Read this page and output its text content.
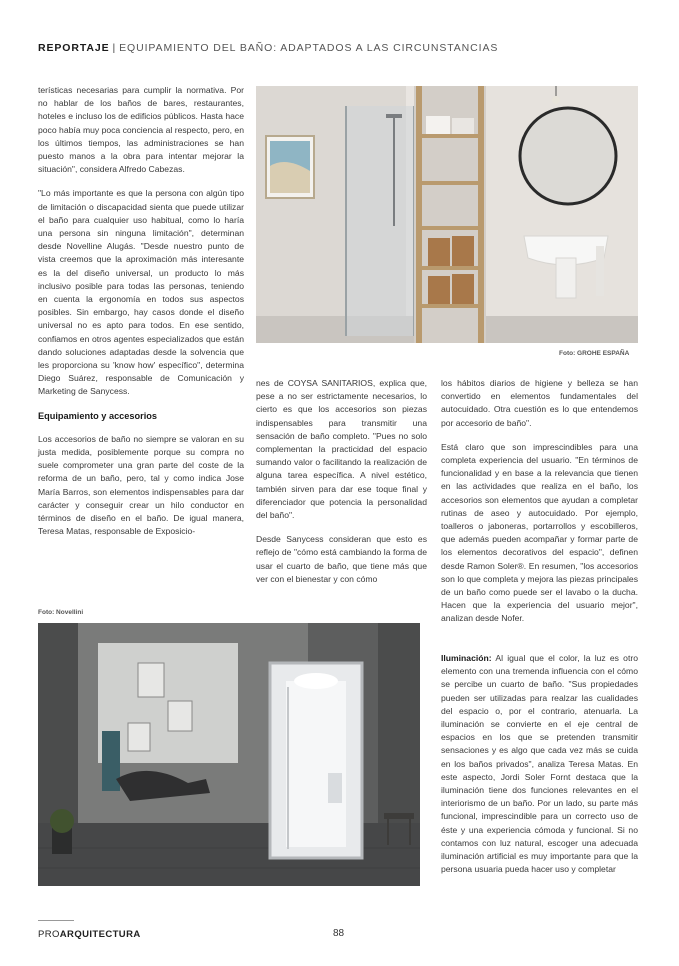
REPORTAJE | EQUIPAMIENTO DEL BAÑO: ADAPTADOS A LAS CIRCUNSTANCIAS

terísticas necesarias para cumplir la normativa. Por no hablar de los baños de bares, restaurantes, hoteles e incluso los de edificios públicos. Hasta hace poco había muy poca conciencia al respecto, pero, en los últimos tiempos, las administraciones se han puesto manos a la obra para intentar mejorar la situación", considera Alfredo Cabezas.

"Lo más importante es que la persona con algún tipo de limitación o discapacidad sienta que puede utilizar el baño para cualquier uso habitual, como lo haría una persona sin ninguna limitación", determinan desde Novelline Alugás. "Desde nuestro punto de vista creemos que la aproximación más interesante es la del diseño universal, un producto lo más inclusivo posible para todas las personas, teniendo en cuenta la ergonomía en todos sus aspectos posibles. Sin embargo, hay casos donde el diseño universal no es apto para todos. En ese sentido, confiamos en otros agentes especializados que están dando soluciones adaptadas desde la solvencia que les proporciona su 'know how' específico", determina Diego Suárez, responsable de Comunicación y Marketing de Sanycess.

Equipamiento y accesorios

Los accesorios de baño no siempre se valoran en su justa medida, posiblemente porque su compra no suele comprometer una gran parte del coste de la reforma de un baño, pero, tal y como indica Jose María Barros, son elementos indispensables para dar carácter y conseguir crear un hilo conductor en términos de diseño en el baño. De igual manera, Teresa Matas, responsable de Exposicio-

Foto: GROHE ESPAÑA

nes de COYSA SANITARIOS, explica que, pese a no ser estrictamente necesarios, lo cierto es que los accesorios son piezas indispensables para transmitir una sensación de baño completo. "Pues no solo complementan la practicidad del espacio sumando valor o facilitando la realización de alguna tarea específica. A nivel estético, también sirven para dar ese toque final y diferenciador que potencia la personalidad del baño".

Desde Sanycess consideran que esto es reflejo de "cómo está cambiando la forma de usar el cuarto de baño, que tiene más que ver con el bienestar y con cómo

los hábitos diarios de higiene y belleza se han convertido en elementos fundamentales del autocuidado. Otra cuestión es lo que entendemos por accesorio de baño".

Está claro que son imprescindibles para una completa experiencia del usuario. "En términos de funcionalidad y en base a la relevancia que tienen en las actividades que realiza en el baño, los accesorios son elementos que ayudan a completar rutinas de aseo y autocuidado. Por ejemplo, toalleros o jaboneras, portarrollos y escobilleros, que además pueden acompañar y formar parte de los elementos decorativos del espacio", definen desde Ramon Soler®. En resumen, "los accesorios son lo que completa y mejora las piezas principales de un baño como puede ser el lavabo o la ducha. Hacen que la experiencia del usuario mejor", analizan desde Nofer.

Iluminación: Al igual que el color, la luz es otro elemento con una tremenda influencia con el cómo se percibe un cuarto de baño. "Sus propiedades pueden ser utilizadas para realzar las cualidades del espacio o, por el contrario, atenuarla. La iluminación se convierte en el eje central de espacios en los que se pretenden transmitir sensaciones y es algo que cada vez más se cuida en los baños privados", analiza Teresa Matas. En este aspecto, Jordi Soler Fornt destaca que la iluminación tiene dos funciones relevantes en el interiorismo de un baño. Por un lado, su parte más funcional, imprescindible para un correcto uso de éste y una experiencia cómoda y funcional. Si no contamos con luz natural, escoger una adecuada iluminación artificial es muy importante para que la persona usuaria pueda hacer uso y completar

Foto: Novellini
PROARQUITECTURA	88
